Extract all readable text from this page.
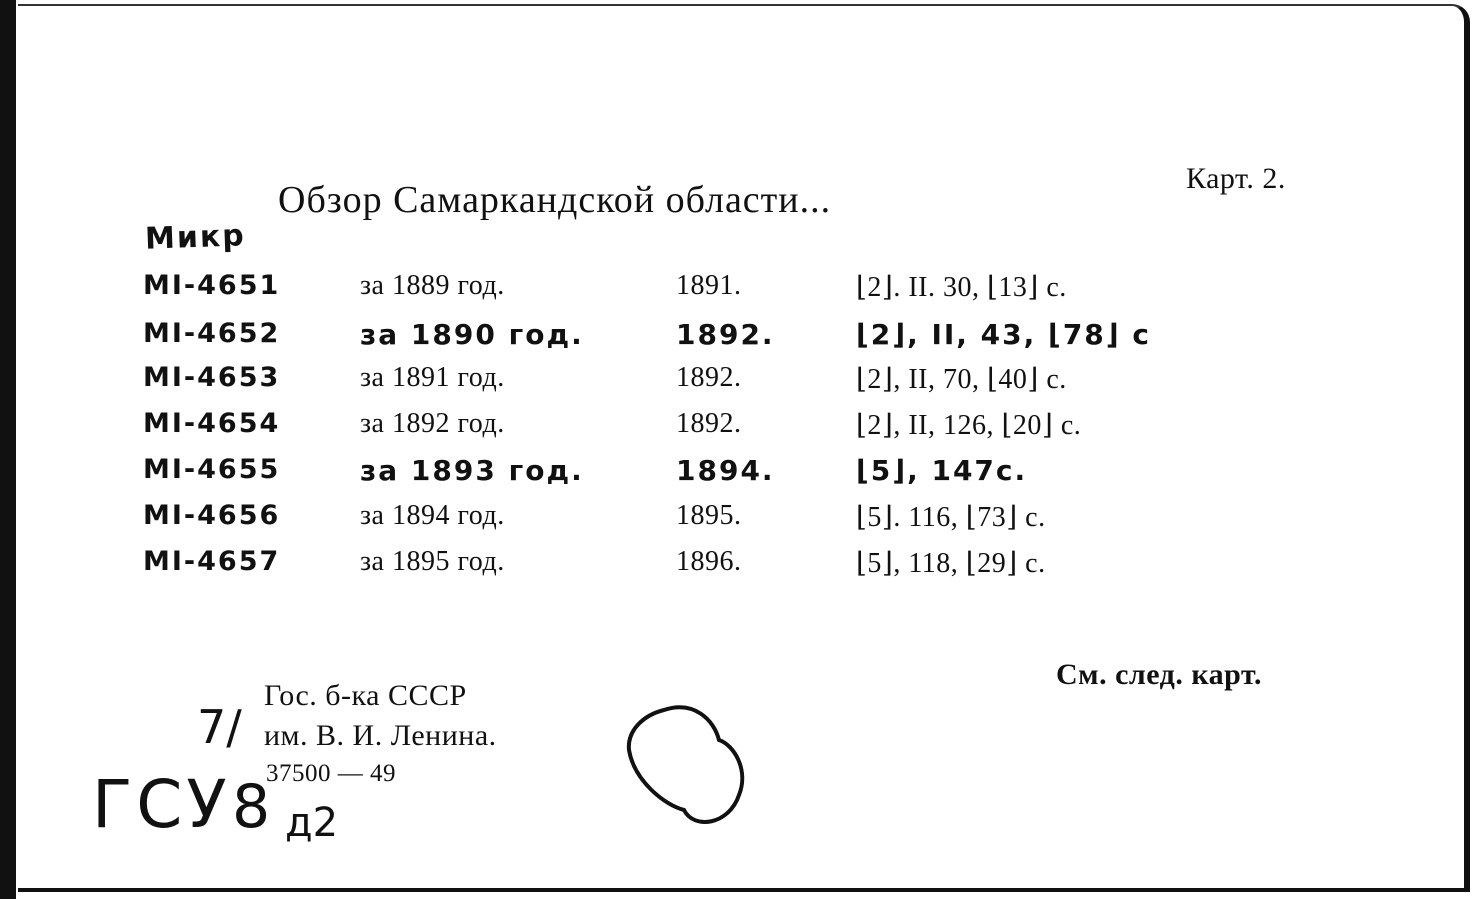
Обзор Самаркандской области...
Карт. 2.
Микр
MI-4651	за 1889 год.	1891.	⌊2⌋. II. 30, ⌊13⌋ с.
MI-4652	за 1890 год.	1892.	⌊2⌋, II, 43, ⌊78⌋ с
MI-4653	за 1891 год.	1892.	⌊2⌋, II, 70, ⌊40⌋ с.
MI-4654	за 1892 год.	1892.	⌊2⌋, II, 126, ⌊20⌋ с.
MI-4655	за 1893 год.	1894.	⌊5⌋, 147с.
MI-4656	за 1894 год.	1895.	⌊5⌋. 116, ⌊73⌋ с.
MI-4657	за 1895 год.	1896.	⌊5⌋, 118, ⌊29⌋ с.
См. след. карт.
Гос. б-ка СССР
им. В. И. Ленина.
37500 — 49
7/
ГСУ 8 д2
